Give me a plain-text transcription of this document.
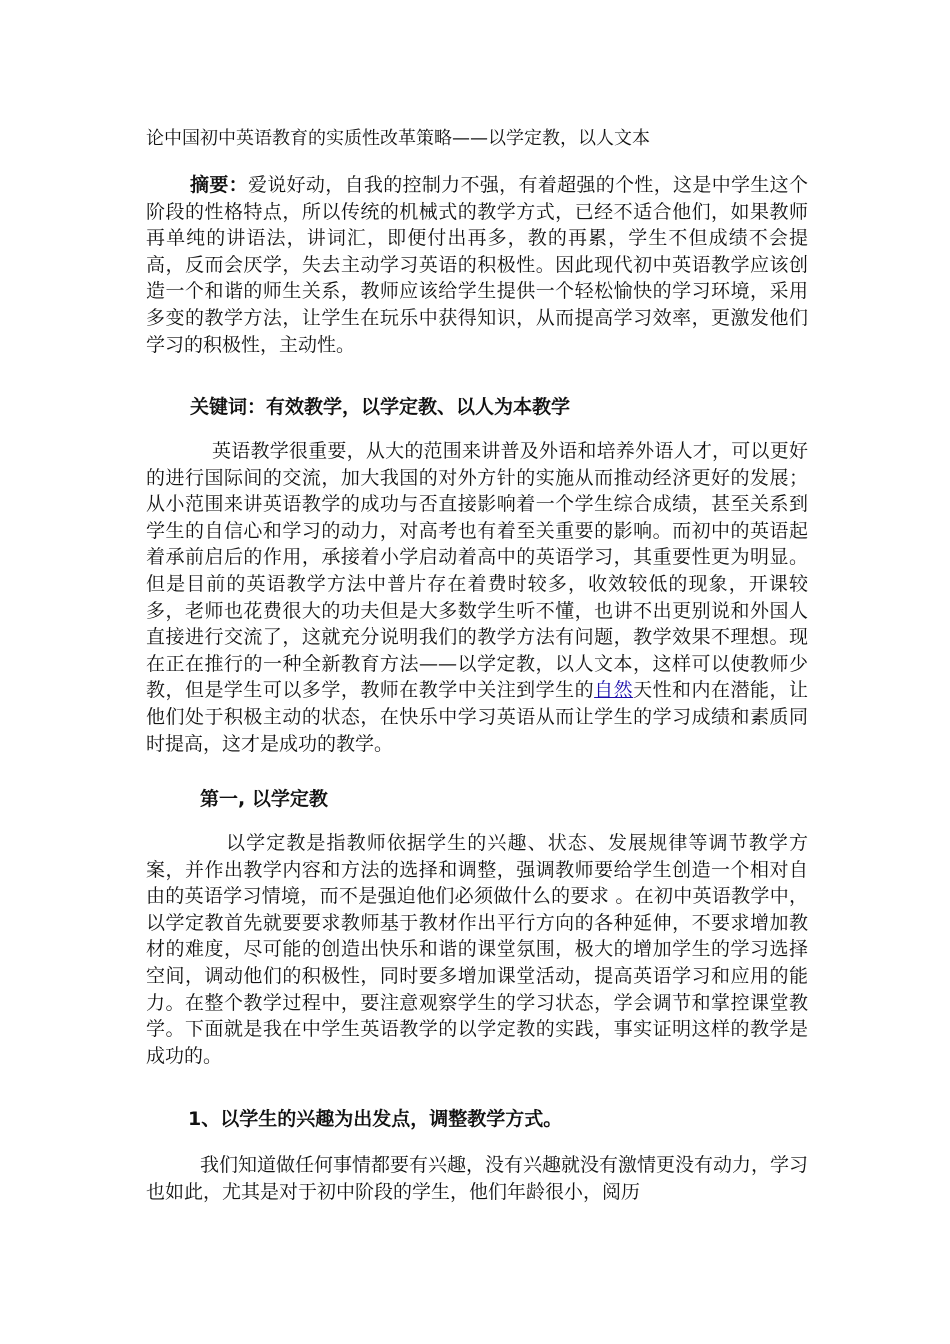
论中国初中英语教育的实质性改革策略——以学定教，以人文本

摘要：爱说好动，自我的控制力不强，有着超强的个性，这是中学生这个阶段的性格特点，所以传统的机械式的教学方式，已经不适合他们，如果教师再单纯的讲语法，讲词汇，即便付出再多，教的再累，学生不但成绩不会提高，反而会厌学，失去主动学习英语的积极性。因此现代初中英语教学应该创造一个和谐的师生关系，教师应该给学生提供一个轻松愉快的学习环境，采用多变的教学方法，让学生在玩乐中获得知识，从而提高学习效率，更激发他们学习的积极性，主动性。

关键词：有效教学，以学定教、以人为本教学

英语教学很重要，从大的范围来讲普及外语和培养外语人才，可以更好的进行国际间的交流，加大我国的对外方针的实施从而推动经济更好的发展；从小范围来讲英语教学的成功与否直接影响着一个学生综合成绩，甚至关系到学生的自信心和学习的动力，对高考也有着至关重要的影响。而初中的英语起着承前启后的作用，承接着小学启动着高中的英语学习，其重要性更为明显。但是目前的英语教学方法中普片存在着费时较多，收效较低的现象，开课较多，老师也花费很大的功夫但是大多数学生听不懂，也讲不出更别说和外国人直接进行交流了，这就充分说明我们的教学方法有问题，教学效果不理想。现在正在推行的一种全新教育方法——以学定教，以人文本，这样可以使教师少教，但是学生可以多学，教师在教学中关注到学生的自然天性和内在潜能，让他们处于积极主动的状态，在快乐中学习英语从而让学生的学习成绩和素质同时提高，这才是成功的教学。

第一, 以学定教

以学定教是指教师依据学生的兴趣、状态、发展规律等调节教学方案，并作出教学内容和方法的选择和调整，强调教师要给学生创造一个相对自由的英语学习情境，而不是强迫他们必须做什么的要求 。在初中英语教学中，以学定教首先就要要求教师基于教材作出平行方向的各种延伸，不要求增加教材的难度，尽可能的创造出快乐和谐的课堂氛围，极大的增加学生的学习选择空间，调动他们的积极性，同时要多增加课堂活动，提高英语学习和应用的能力。在整个教学过程中，要注意观察学生的学习状态，学会调节和掌控课堂教学。下面就是我在中学生英语教学的以学定教的实践，事实证明这样的教学是成功的。

1、以学生的兴趣为出发点，调整教学方式。

我们知道做任何事情都要有兴趣，没有兴趣就没有激情更没有动力，学习也如此，尤其是对于初中阶段的学生，他们年龄很小，阅历
